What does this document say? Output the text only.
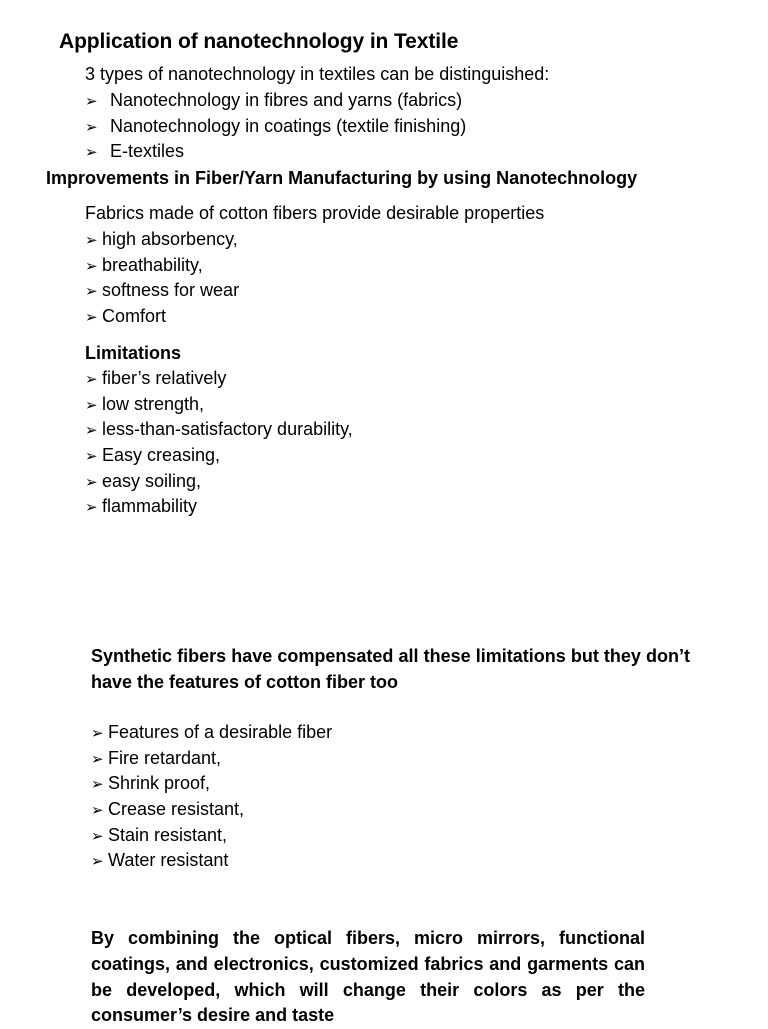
Application of nanotechnology in Textile
3 types of nanotechnology in textiles can be distinguished:
➢ Nanotechnology in fibres and yarns (fabrics)
➢ Nanotechnology in coatings (textile finishing)
➢ E-textiles
Improvements in Fiber/Yarn Manufacturing by using Nanotechnology
Fabrics made of cotton fibers provide desirable properties
➢ high absorbency,
➢ breathability,
➢ softness for wear
➢ Comfort
Limitations
➢ fiber’s relatively
➢ low strength,
➢ less-than-satisfactory durability,
➢ Easy creasing,
➢ easy soiling,
➢ flammability
Synthetic fibers have compensated all these limitations but they don’t have the features of cotton fiber too
➢ Features of a desirable fiber
➢ Fire retardant,
➢ Shrink proof,
➢ Crease resistant,
➢ Stain resistant,
➢ Water resistant
By combining the optical fibers, micro mirrors, functional coatings, and electronics, customized fabrics and garments can be developed, which will change their colors as per the consumer’s desire and taste
